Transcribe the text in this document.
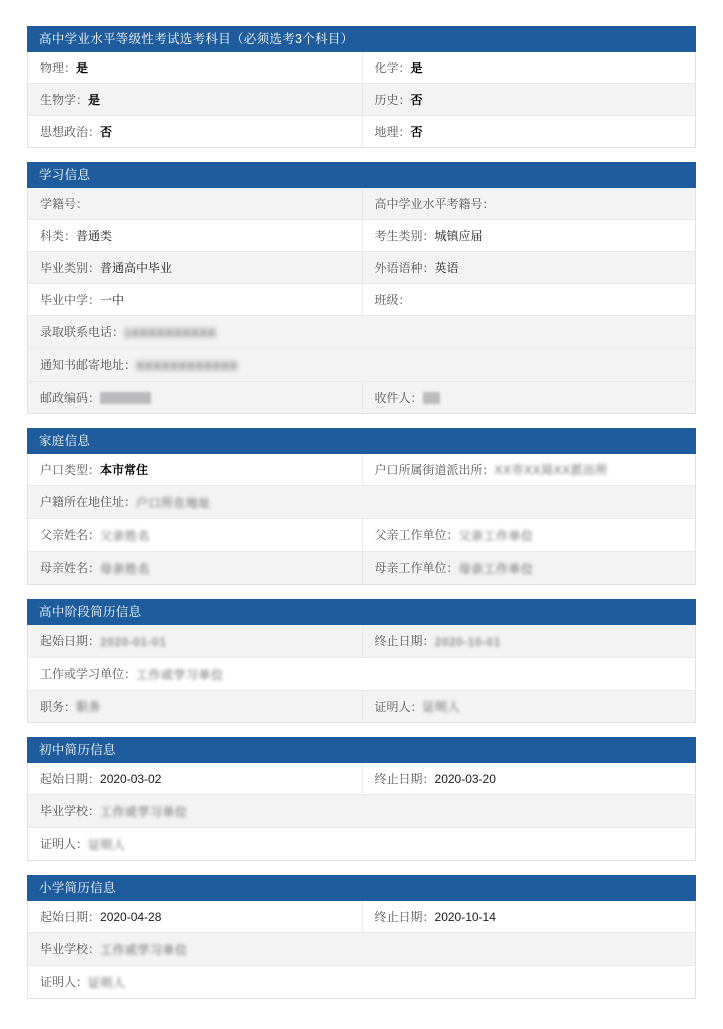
高中学业水平等级性考试选考科目（必须选考3个科目）
物理：是	化学：是
生物学：是	历史：否
思想政治：否	地理：否
学习信息
学籍号：	高中学业水平考籍号：
科类：普通类	考生类别：城镇应届
毕业类别：普通高中毕业	外语语种：英语
毕业中学：一中	班级：
录取联系电话：1XXXXXXXXXX
通知书邮寄地址：XXXXXXXXXXXX
邮政编码：	收件人：
家庭信息
户口类型：本市常住	户口所属街道派出所：XX市XX局XX派出所
户籍所在地住址：户口所在地址
父亲姓名：父亲姓名	父亲工作单位：父亲工作单位
母亲姓名：母亲姓名	母亲工作单位：母亲工作单位
高中阶段简历信息
起始日期：2020-01-01	终止日期：2020-10-01
工作或学习单位：工作或学习单位
职务：职务	证明人：证明人
初中简历信息
起始日期：2020-03-02	终止日期：2020-03-20
毕业学校：工作或学习单位
证明人：证明人
小学简历信息
起始日期：2020-04-28	终止日期：2020-10-14
毕业学校：工作或学习单位
证明人：证明人
